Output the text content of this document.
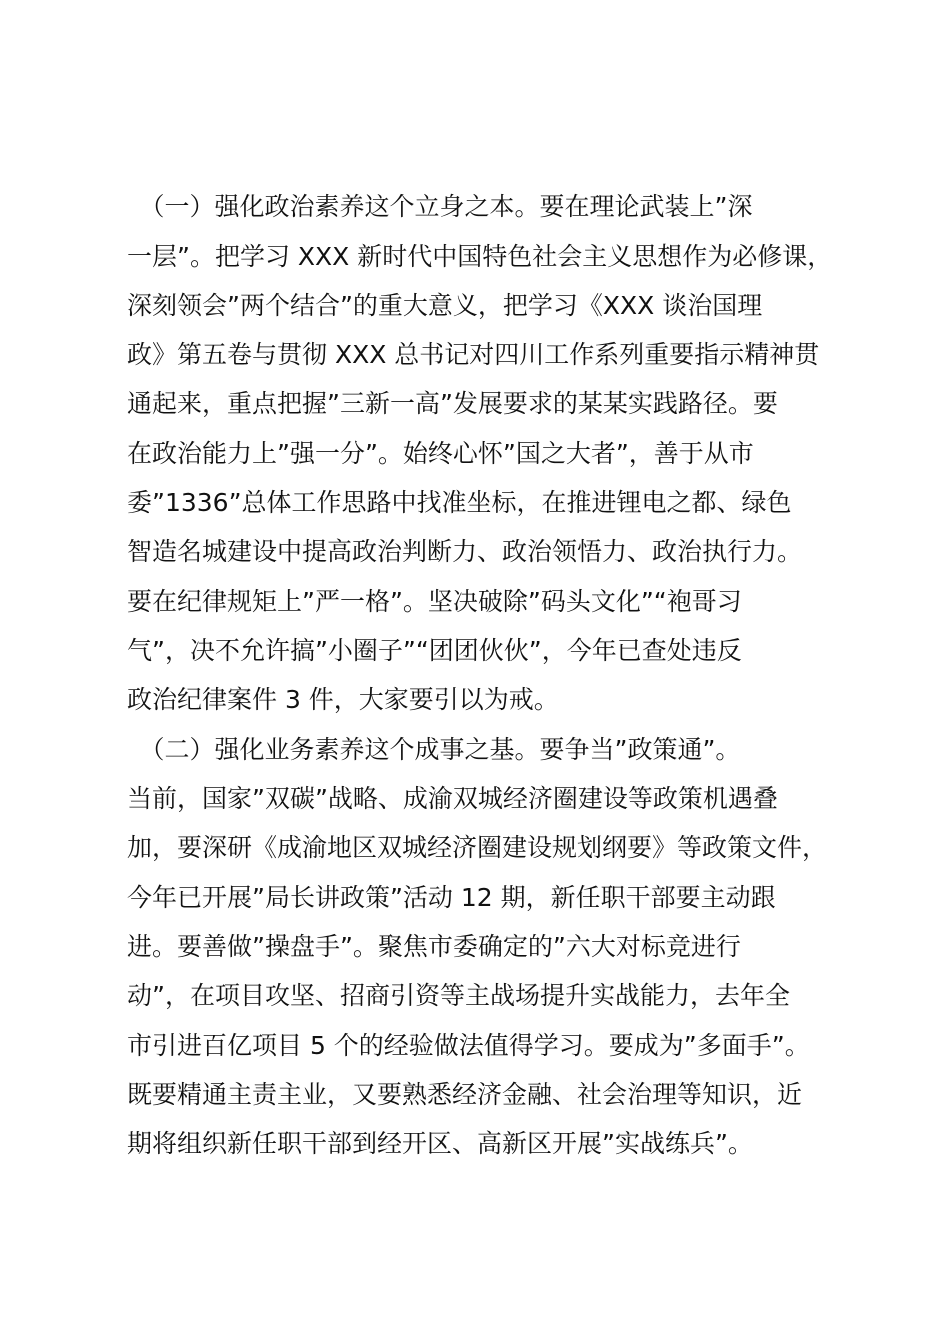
　（一）强化政治素养这个立身之本。要在理论武装上”深

一层”。把学习 XXX 新时代中国特色社会主义思想作为必修课，

深刻领会”两个结合”的重大意义，把学习《XXX 谈治国理

政》第五卷与贯彻 XXX 总书记对四川工作系列重要指示精神贯

通起来，重点把握”三新一高”发展要求的某某实践路径。要

在政治能力上”强一分”。始终心怀”国之大者”，善于从市

委”1336”总体工作思路中找准坐标，在推进锂电之都、绿色

智造名城建设中提高政治判断力、政治领悟力、政治执行力。

要在纪律规矩上”严一格”。坚决破除”码头文化”“袍哥习

气”，决不允许搞”小圈子”“团团伙伙”，今年已查处违反

政治纪律案件 3 件，大家要引以为戒。

　（二）强化业务素养这个成事之基。要争当”政策通”。

当前，国家”双碳”战略、成渝双城经济圈建设等政策机遇叠

加，要深研《成渝地区双城经济圈建设规划纲要》等政策文件，

今年已开展”局长讲政策”活动 12 期，新任职干部要主动跟

进。要善做”操盘手”。聚焦市委确定的”六大对标竞进行

动”，在项目攻坚、招商引资等主战场提升实战能力，去年全

市引进百亿项目 5 个的经验做法值得学习。要成为”多面手”。

既要精通主责主业，又要熟悉经济金融、社会治理等知识，近

期将组织新任职干部到经开区、高新区开展”实战练兵”。
